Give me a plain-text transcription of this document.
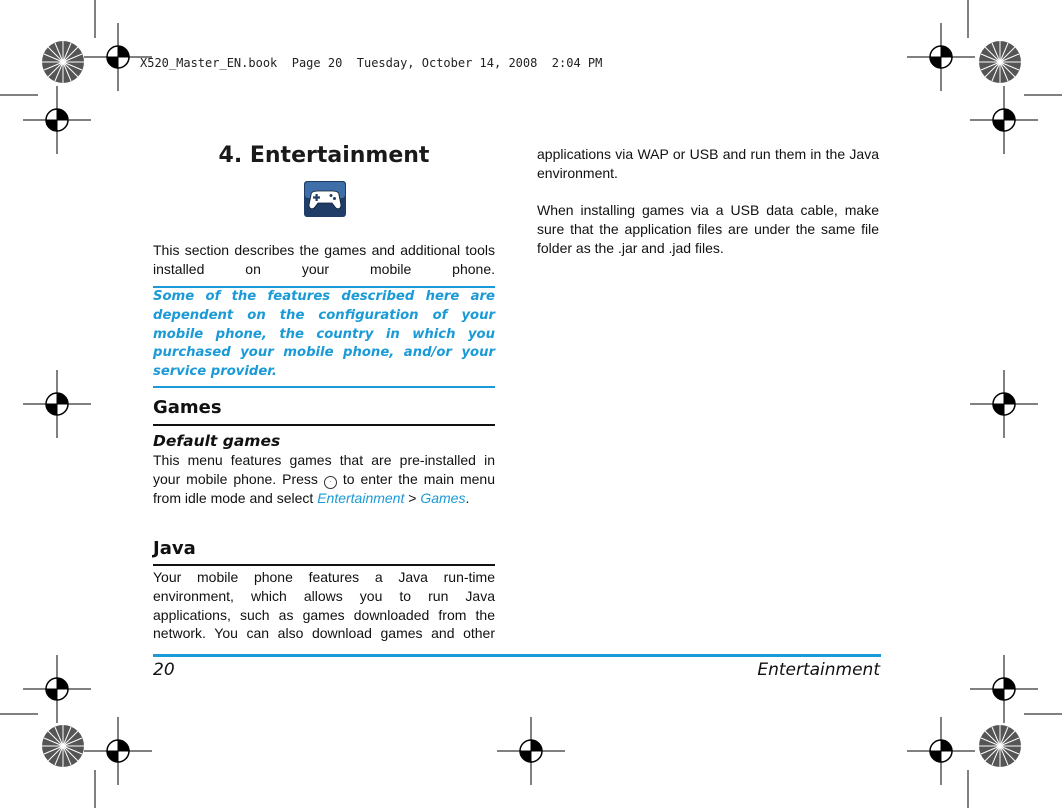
X520_Master_EN.book  Page 20  Tuesday, October 14, 2008  2:04 PM
4. Entertainment
This section describes the games and additional tools installed on your mobile phone.
Some of the features described here are dependent on the configuration of your mobile phone, the country in which you purchased your mobile phone, and/or your service provider.
Games
Default games
This menu features games that are pre-installed in your mobile phone. Press · to enter the main menu from idle mode and select Entertainment > Games.
Java
Your mobile phone features a Java run-time environment, which allows you to run Java applications, such as games downloaded from the network. You can also download games and other
applications via WAP or USB and run them in the Java environment.
When installing games via a USB data cable, make sure that the application files are under the same file folder as the .jar and .jad files.
20	Entertainment
